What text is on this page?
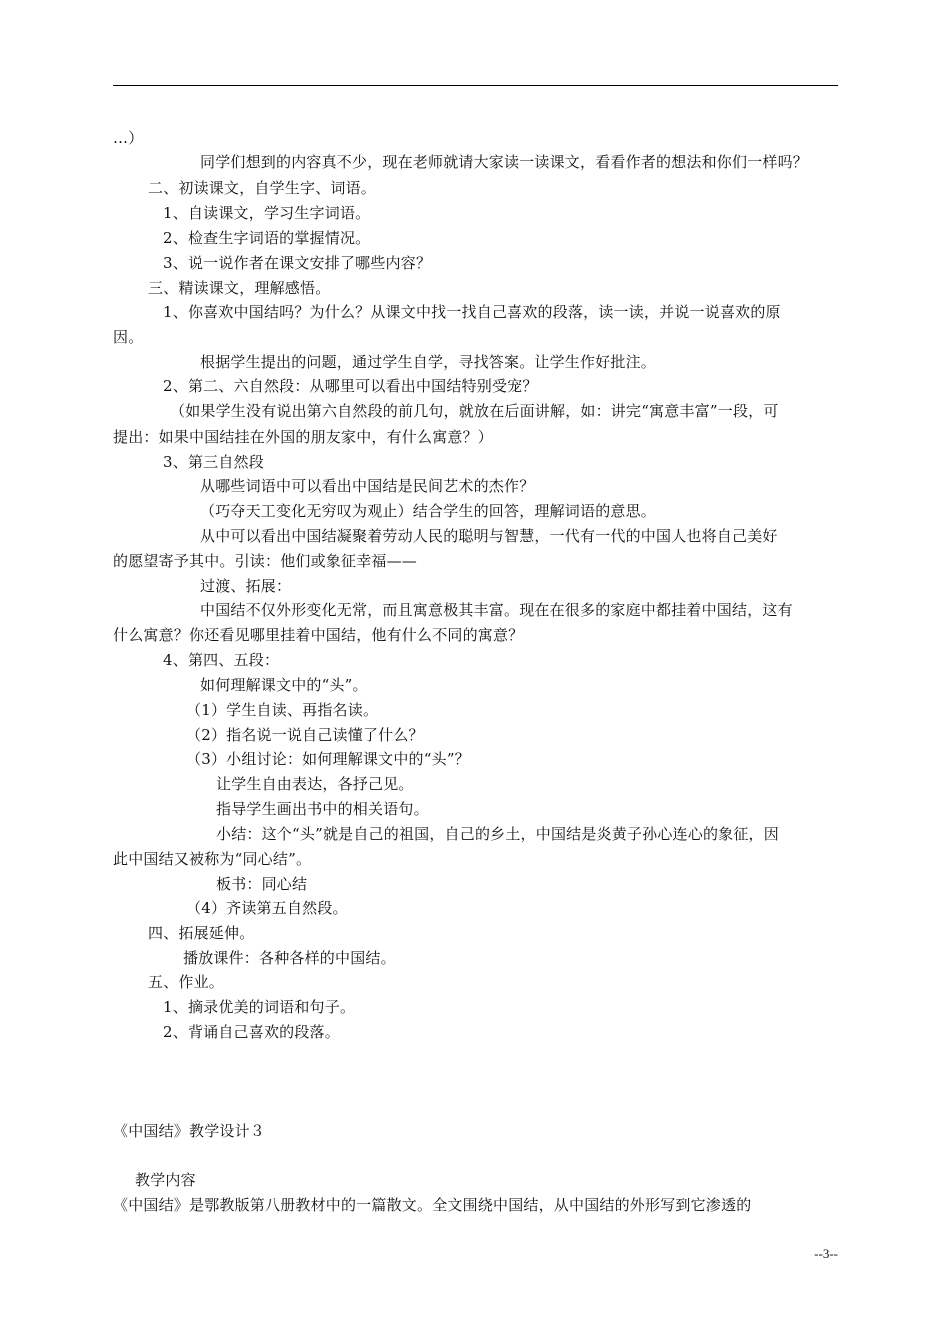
…）
同学们想到的内容真不少，现在老师就请大家读一读课文，看看作者的想法和你们一样吗？
二、初读课文，自学生字、词语。
1、自读课文，学习生字词语。
2、检查生字词语的掌握情况。
3、说一说作者在课文安排了哪些内容？
三、精读课文，理解感悟。
1、你喜欢中国结吗？为什么？从课文中找一找自己喜欢的段落，读一读，并说一说喜欢的原
因。
根据学生提出的问题，通过学生自学，寻找答案。让学生作好批注。
2、第二、六自然段：从哪里可以看出中国结特别受宠？
（如果学生没有说出第六自然段的前几句，就放在后面讲解，如：讲完“寓意丰富”一段，可
提出：如果中国结挂在外国的朋友家中，有什么寓意？）
3、第三自然段
从哪些词语中可以看出中国结是民间艺术的杰作？
（巧夺天工变化无穷叹为观止）结合学生的回答，理解词语的意思。
从中可以看出中国结凝聚着劳动人民的聪明与智慧，一代有一代的中国人也将自己美好
的愿望寄予其中。引读：他们或象征幸福——
过渡、拓展：
中国结不仅外形变化无常，而且寓意极其丰富。现在在很多的家庭中都挂着中国结，这有
什么寓意？你还看见哪里挂着中国结，他有什么不同的寓意？
4、第四、五段：
如何理解课文中的“头”。
（1）学生自读、再指名读。
（2）指名说一说自己读懂了什么？
（3）小组讨论：如何理解课文中的“头”？
让学生自由表达，各抒己见。
指导学生画出书中的相关语句。
小结：这个“头”就是自己的祖国，自己的乡土，中国结是炎黄子孙心连心的象征，因
此中国结又被称为“同心结”。
板书：同心结
（4）齐读第五自然段。
四、拓展延伸。
播放课件：各种各样的中国结。
五、作业。
1、摘录优美的词语和句子。
2、背诵自己喜欢的段落。
《中国结》教学设计３
教学内容
《中国结》是鄂教版第八册教材中的一篇散文。全文围绕中国结，从中国结的外形写到它渗透的
--3--
